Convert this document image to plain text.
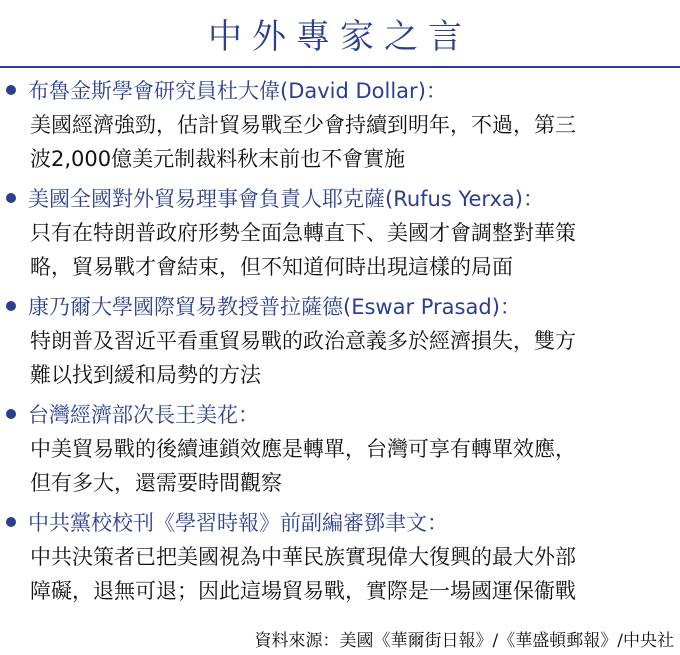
中外專家之言
布魯金斯學會研究員杜大偉(David Dollar)：
美國經濟強勁，估計貿易戰至少會持續到明年，不過，第三
波2,000億美元制裁料秋末前也不會實施
美國全國對外貿易理事會負責人耶克薩(Rufus Yerxa)：
只有在特朗普政府形勢全面急轉直下、美國才會調整對華策
略，貿易戰才會結束，但不知道何時出現這樣的局面
康乃爾大學國際貿易教授普拉薩德(Eswar Prasad)：
特朗普及習近平看重貿易戰的政治意義多於經濟損失，雙方
難以找到緩和局勢的方法
台灣經濟部次長王美花：
中美貿易戰的後續連鎖效應是轉單，台灣可享有轉單效應，
但有多大，還需要時間觀察
中共黨校校刊《學習時報》前副編審鄧聿文：
中共決策者已把美國視為中華民族實現偉大復興的最大外部
障礙，退無可退；因此這場貿易戰，實際是一場國運保衞戰
資料來源：美國《華爾街日報》/《華盛頓郵報》/中央社
